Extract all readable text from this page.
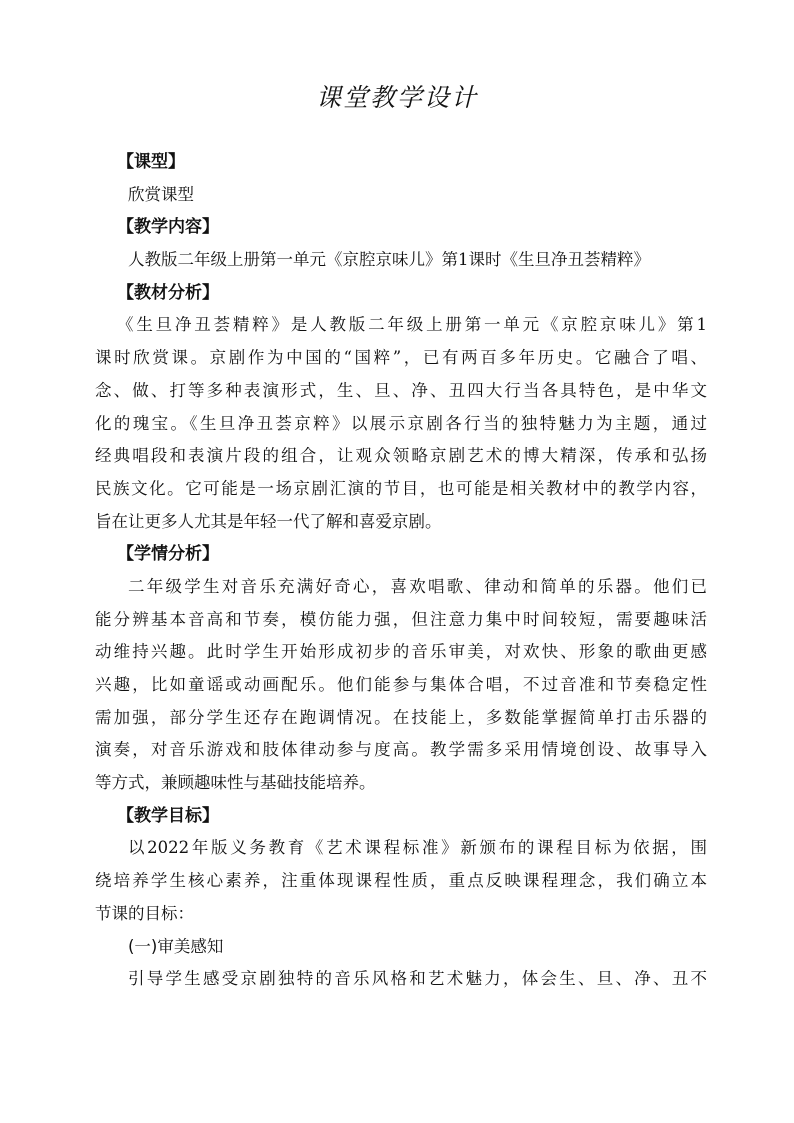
课堂教学设计
【课型】
欣赏课型
【教学内容】
人教版二年级上册第一单元《京腔京味儿》第1课时《生旦净丑荟精粹》
【教材分析】
《生旦净丑荟精粹》是人教版二年级上册第一单元《京腔京味儿》第1
课时欣赏课。京剧作为中国的“国粹”，已有两百多年历史。它融合了唱、
念、做、打等多种表演形式，生、旦、净、丑四大行当各具特色，是中华文
化的瑰宝。《生旦净丑荟京粹》以展示京剧各行当的独特魅力为主题，通过
经典唱段和表演片段的组合，让观众领略京剧艺术的博大精深，传承和弘扬
民族文化。它可能是一场京剧汇演的节目，也可能是相关教材中的教学内容，
旨在让更多人尤其是年轻一代了解和喜爱京剧。
【学情分析】
二年级学生对音乐充满好奇心，喜欢唱歌、律动和简单的乐器。他们已
能分辨基本音高和节奏，模仿能力强，但注意力集中时间较短，需要趣味活
动维持兴趣。此时学生开始形成初步的音乐审美，对欢快、形象的歌曲更感
兴趣，比如童谣或动画配乐。他们能参与集体合唱，不过音准和节奏稳定性
需加强，部分学生还存在跑调情况。在技能上，多数能掌握简单打击乐器的
演奏，对音乐游戏和肢体律动参与度高。教学需多采用情境创设、故事导入
等方式，兼顾趣味性与基础技能培养。
【教学目标】
以2022年版义务教育《艺术课程标准》新颁布的课程目标为依据，围
绕培养学生核心素养，注重体现课程性质，重点反映课程理念，我们确立本
节课的目标：
(一)审美感知
引导学生感受京剧独特的音乐风格和艺术魅力，体会生、旦、净、丑不
